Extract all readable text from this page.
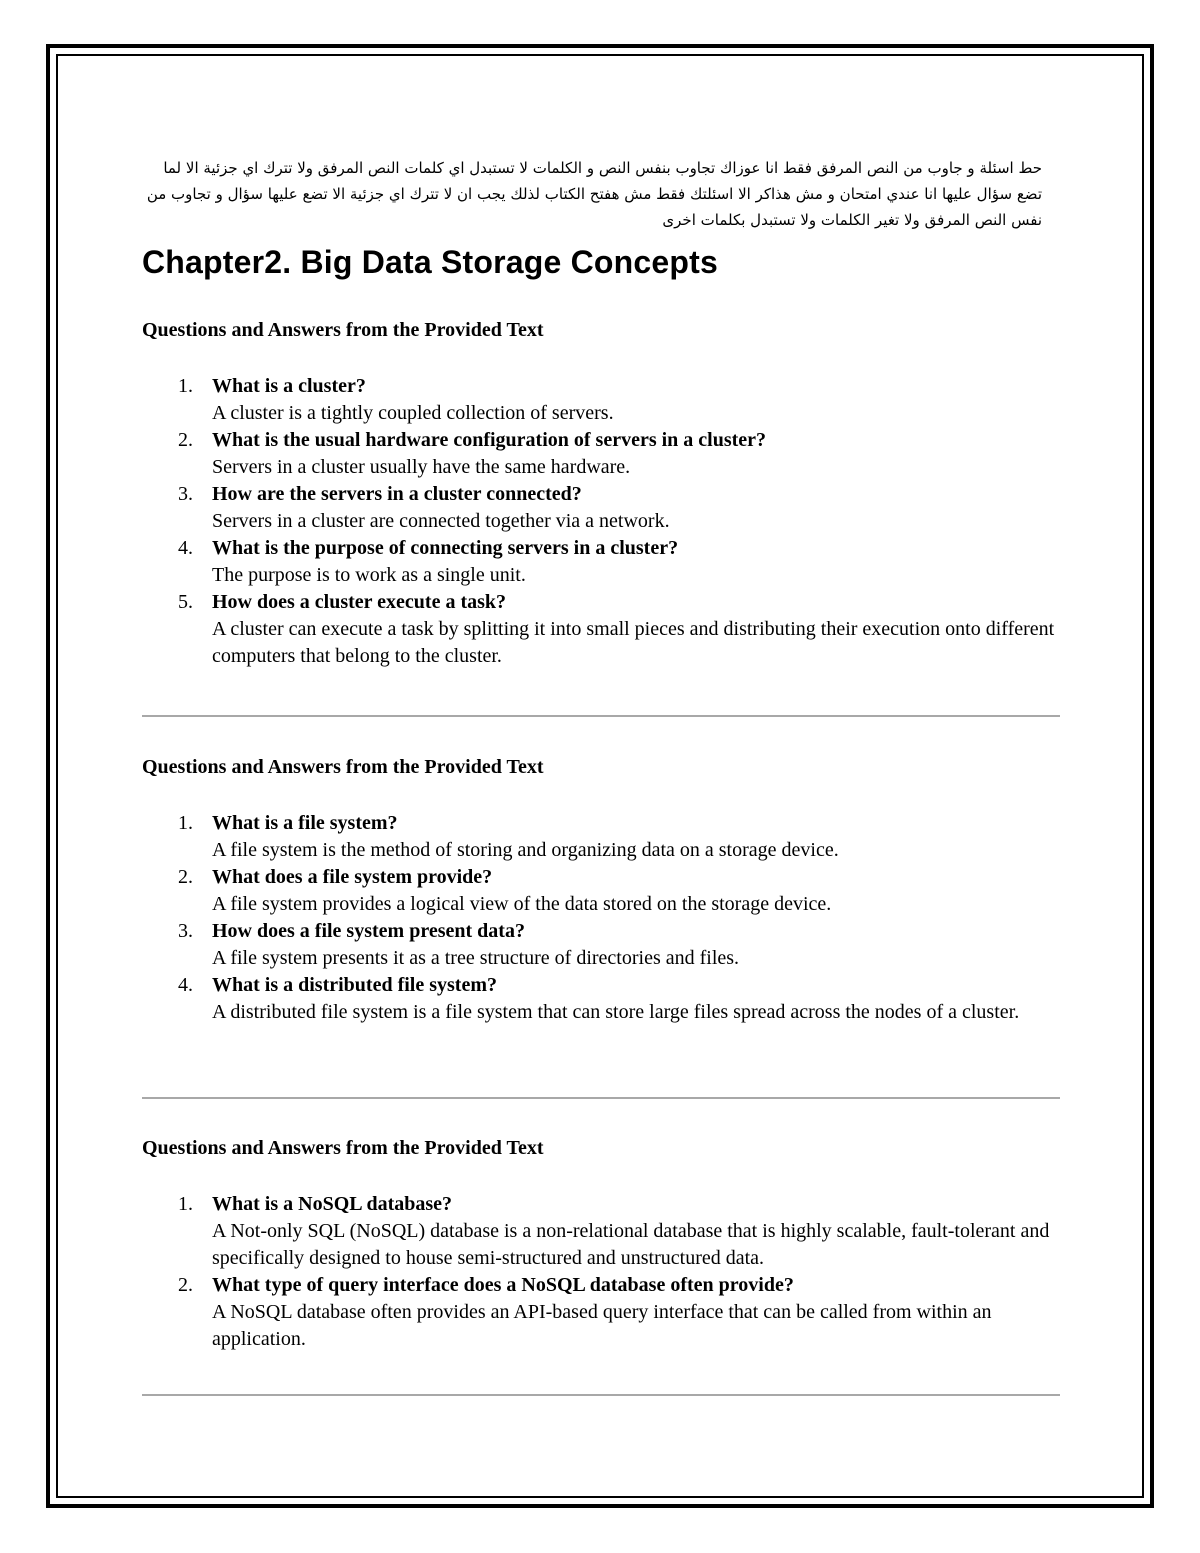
حط اسئلة و جاوب من النص المرفق فقط انا عوزاك تجاوب بنفس النص و الكلمات لا تستبدل اي كلمات النص المرفق ولا تترك اي جزئية الا لما تضع سؤال عليها انا عندي امتحان و مش هذاكر الا اسئلتك فقط مش هفتح الكتاب لذلك يجب ان لا تترك اي جزئية الا تضع عليها سؤال و تجاوب من نفس النص المرفق ولا تغير الكلمات ولا تستبدل بكلمات اخرى

Chapter2. Big Data Storage Concepts

Questions and Answers from the Provided Text

1. What is a cluster?
A cluster is a tightly coupled collection of servers.
2. What is the usual hardware configuration of servers in a cluster?
Servers in a cluster usually have the same hardware.
3. How are the servers in a cluster connected?
Servers in a cluster are connected together via a network.
4. What is the purpose of connecting servers in a cluster?
The purpose is to work as a single unit.
5. How does a cluster execute a task?
A cluster can execute a task by splitting it into small pieces and distributing their execution onto different computers that belong to the cluster.

Questions and Answers from the Provided Text

1. What is a file system?
A file system is the method of storing and organizing data on a storage device.
2. What does a file system provide?
A file system provides a logical view of the data stored on the storage device.
3. How does a file system present data?
A file system presents it as a tree structure of directories and files.
4. What is a distributed file system?
A distributed file system is a file system that can store large files spread across the nodes of a cluster.

Questions and Answers from the Provided Text

1. What is a NoSQL database?
A Not-only SQL (NoSQL) database is a non-relational database that is highly scalable, fault-tolerant and specifically designed to house semi-structured and unstructured data.
2. What type of query interface does a NoSQL database often provide?
A NoSQL database often provides an API-based query interface that can be called from within an application.
